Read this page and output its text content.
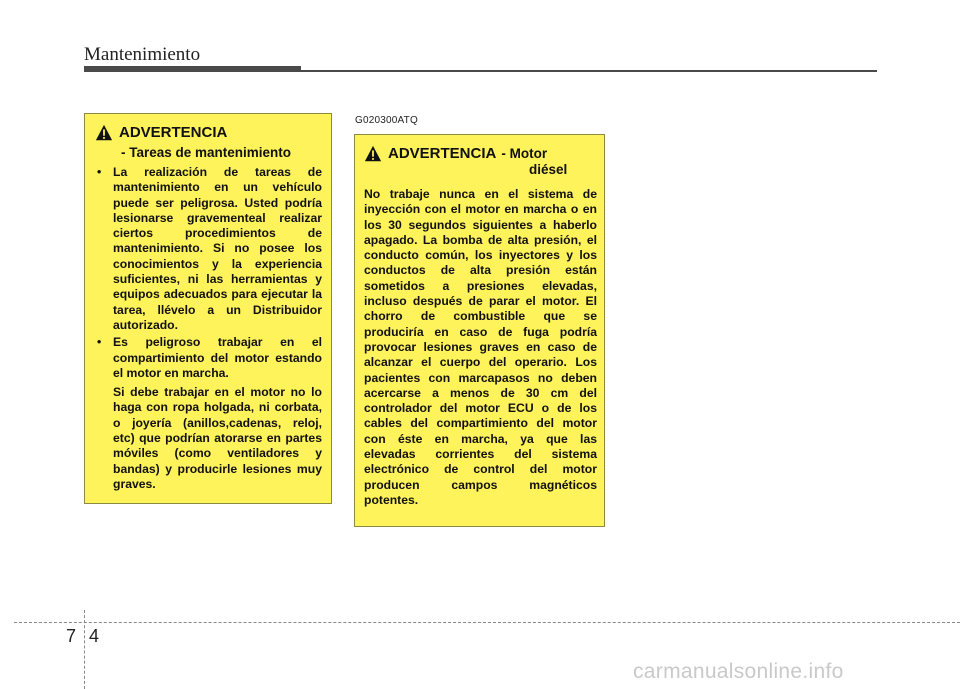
Mantenimiento
G020300ATQ
ADVERTENCIA
- Tareas de mantenimiento
• La realización de tareas de mantenimiento en un vehículo puede ser peligrosa. Usted podría lesionarse gravementeal realizar ciertos procedimientos de mantenimiento. Si no posee los conocimientos y la experiencia suficientes, ni las herramientas y equipos adecuados para ejecutar la tarea, llévelo a un Distribuidor autorizado.
• Es peligroso trabajar en el compartimiento del motor estando el motor en marcha.
Si debe trabajar en el motor no lo haga con ropa holgada, ni corbata, o joyería (anillos,cadenas, reloj, etc) que podrían atorarse en partes móviles (como ventiladores y bandas) y producirle lesiones muy graves.
ADVERTENCIA - Motor
diésel
No trabaje nunca en el sistema de inyección con el motor en marcha o en los 30 segundos siguientes a haberlo apagado. La bomba de alta presión, el conducto común, los inyectores y los conductos de alta presión están sometidos a presiones elevadas, incluso después de parar el motor. El chorro de combustible que se produciría en caso de fuga podría provocar lesiones graves en caso de alcanzar el cuerpo del operario. Los pacientes con marcapasos no deben acercarse a menos de 30 cm del controlador del motor ECU o de los cables del compartimiento del motor con éste en marcha, ya que las elevadas corrientes del sistema electrónico de control del motor producen campos magnéticos potentes.
7 4
carmanualsonline.info
